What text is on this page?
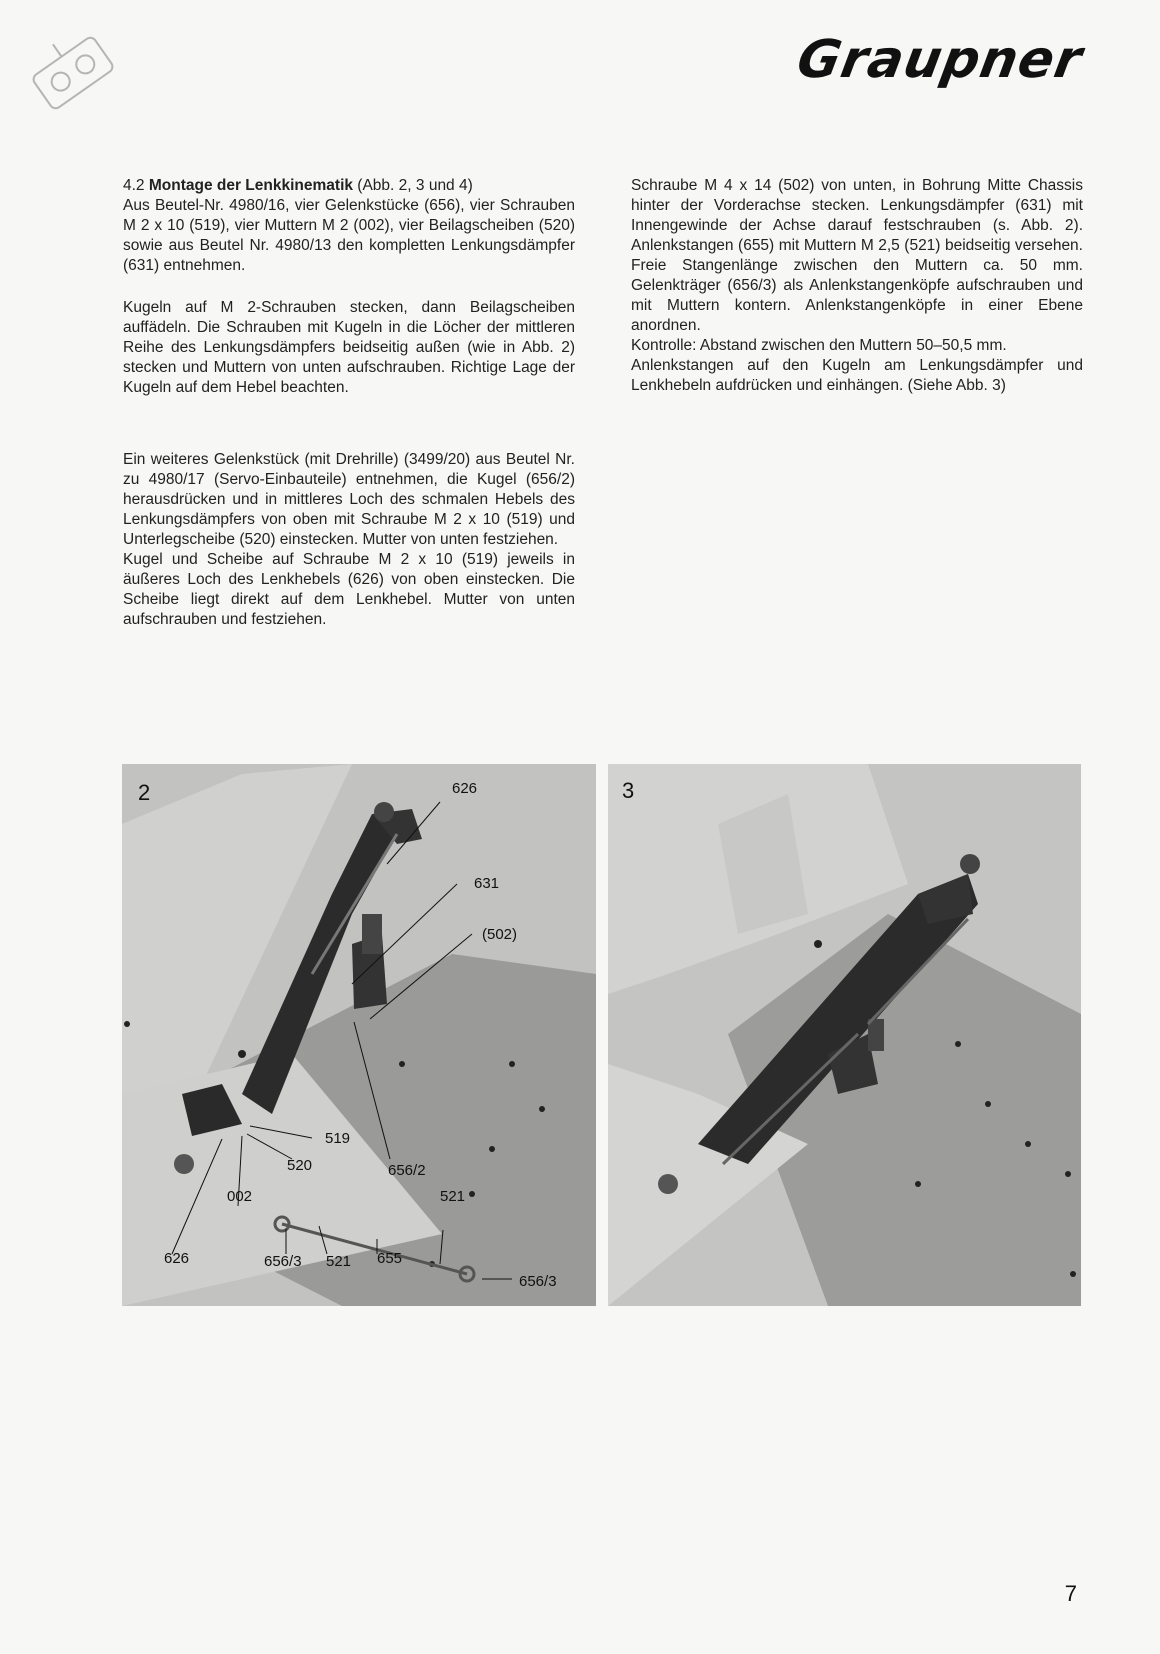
Graupner

4.2 Montage der Lenkkinematik (Abb. 2, 3 und 4)

Aus Beutel-Nr. 4980/16, vier Gelenkstücke (656), vier Schrauben M 2 x 10 (519), vier Muttern M 2 (002), vier Beilagscheiben (520) sowie aus Beutel Nr. 4980/13 den kompletten Lenkungsdämpfer (631) entnehmen.

Kugeln auf M 2-Schrauben stecken, dann Beilagscheiben auffädeln. Die Schrauben mit Kugeln in die Löcher der mittleren Reihe des Lenkungsdämpfers beidseitig außen (wie in Abb. 2) stecken und Muttern von unten aufschrauben. Richtige Lage der Kugeln auf dem Hebel beachten.

Ein weiteres Gelenkstück (mit Drehrille) (3499/20) aus Beutel Nr. zu 4980/17 (Servo-Einbauteile) entnehmen, die Kugel (656/2) herausdrücken und in mittleres Loch des schmalen Hebels des Lenkungsdämpfers von oben mit Schraube M 2 x 10 (519) und Unterlegscheibe (520) einstecken. Mutter von unten festziehen.

Kugel und Scheibe auf Schraube M 2 x 10 (519) jeweils in äußeres Loch des Lenkhebels (626) von oben einstecken. Die Scheibe liegt direkt auf dem Lenkhebel. Mutter von unten aufschrauben und festziehen.

Schraube M 4 x 14 (502) von unten, in Bohrung Mitte Chassis hinter der Vorderachse stecken. Lenkungsdämpfer (631) mit Innengewinde der Achse darauf festschrauben (s. Abb. 2). Anlenkstangen (655) mit Muttern M 2,5 (521) beidseitig versehen. Freie Stangenlänge zwischen den Muttern ca. 50 mm. Gelenkträger (656/3) als Anlenkstangenköpfe aufschrauben und mit Muttern kontern. Anlenkstangenköpfe in einer Ebene anordnen.

Kontrolle: Abstand zwischen den Muttern 50–50,5 mm.

Anlenkstangen auf den Kugeln am Lenkungsdämpfer und Lenkhebeln aufdrücken und einhängen. (Siehe Abb. 3)

2	626
631
(502)
519
520	656/2
002	521
626	656/3 521 655
656/3
3
7
